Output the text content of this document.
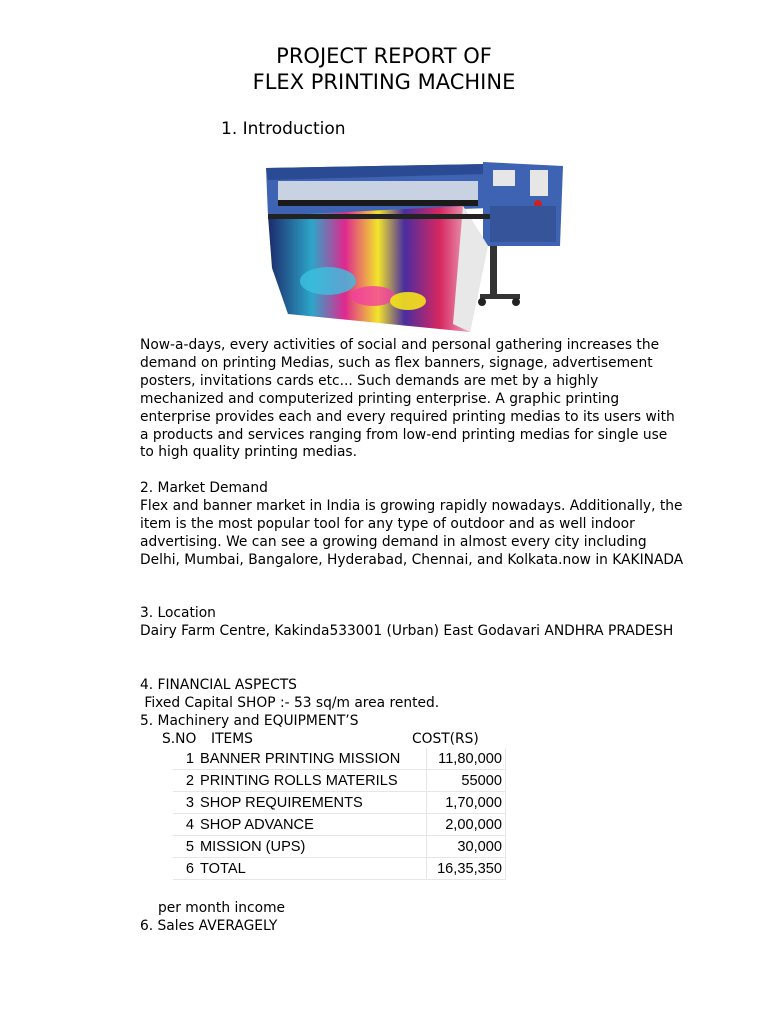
PROJECT REPORT OF
FLEX PRINTING MACHINE
1. Introduction
Now-a-days, every activities of social and personal gathering increases the demand on printing Medias, such as flex banners, signage, advertisement posters, invitations cards etc... Such demands are met by a highly mechanized and computerized printing enterprise. A graphic printing enterprise provides each and every required printing medias to its users with a products and services ranging from low-end printing medias for single use to high quality printing medias.
2. Market Demand
Flex and banner market in India is growing rapidly nowadays. Additionally, the item is the most popular tool for any type of outdoor and as well indoor advertising. We can see a growing demand in almost every city including Delhi, Mumbai, Bangalore, Hyderabad, Chennai, and Kolkata.now in KAKINADA
3. Location
Dairy Farm Centre, Kakinda533001 (Urban) East Godavari ANDHRA PRADESH
4. FINANCIAL ASPECTS
Fixed Capital SHOP :- 53 sq/m area rented.
5. Machinery and EQUIPMENT’S
S.NO ITEMS	COST(RS)
1	BANNER PRINTING MISSION	11,80,000
2	PRINTING ROLLS MATERILS	55000
3	SHOP REQUIREMENTS	1,70,000
4	SHOP ADVANCE	2,00,000
5	MISSION (UPS)	30,000
6	TOTAL	16,35,350
per month income
6. Sales AVERAGELY
